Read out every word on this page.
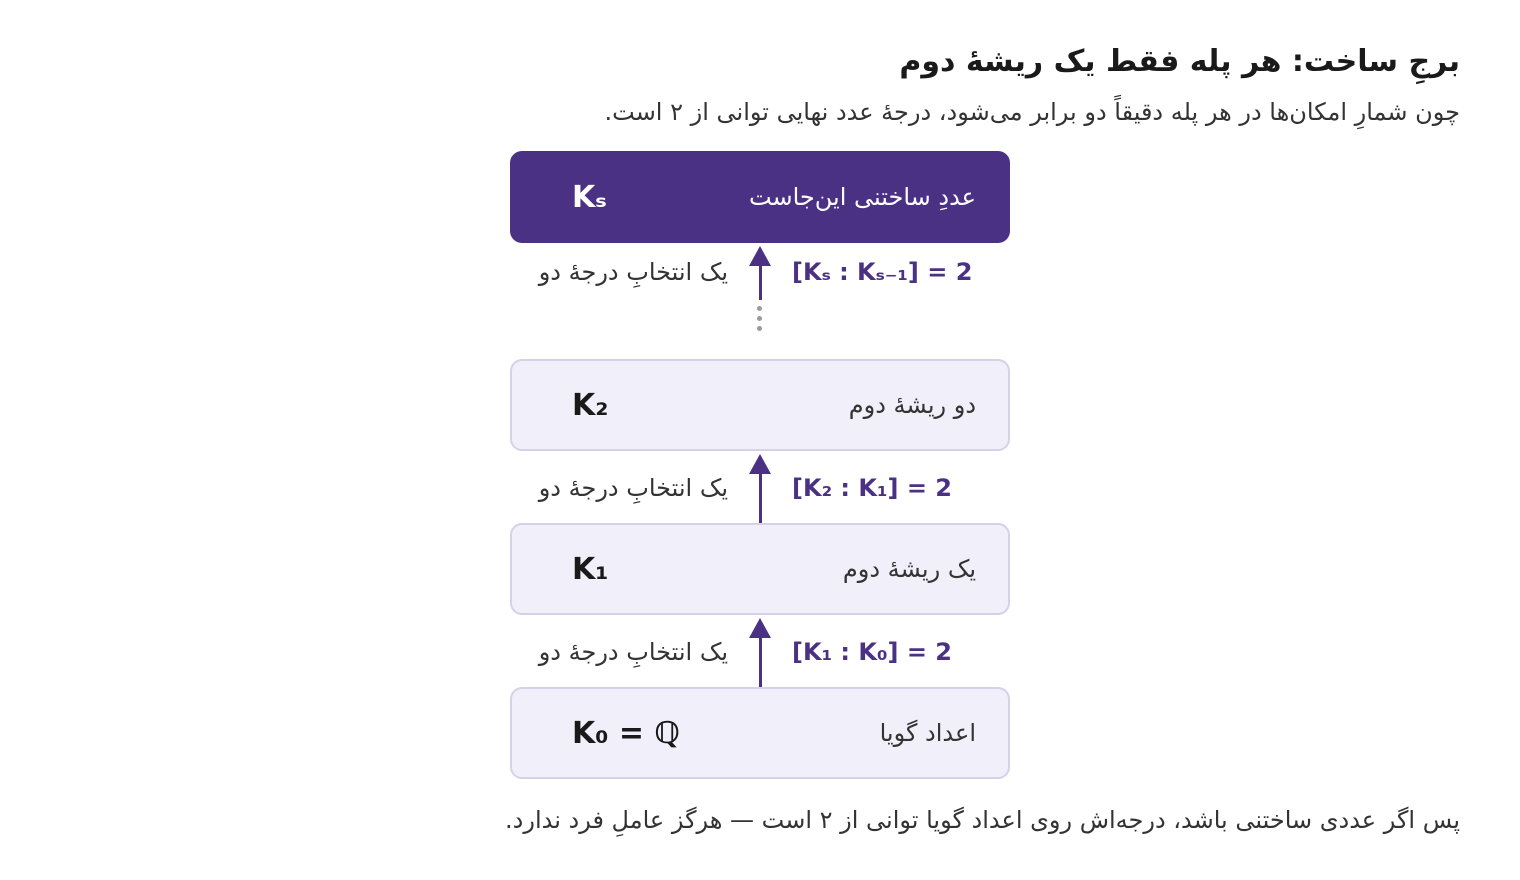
برجِ ساخت: هر پله فقط یک ریشهٔ دوم
چون شمارِ امکان‌ها در هر پله دقیقاً دو برابر می‌شود، درجهٔ عدد نهایی توانی از ۲ است.
Kₛ	عددِ ساختنی این‌جاست
یک انتخابِ درجهٔ دو	[Kₛ : Kₛ₋₁] = 2
K₂	دو ریشهٔ دوم
یک انتخابِ درجهٔ دو	[K₂ : K₁] = 2
K₁	یک ریشهٔ دوم
یک انتخابِ درجهٔ دو	[K₁ : K₀] = 2
K₀ = ℚ	اعداد گویا
پس اگر عددی ساختنی باشد، درجه‌اش روی اعداد گویا توانی از ۲ است — هرگز عاملِ فرد ندارد.
